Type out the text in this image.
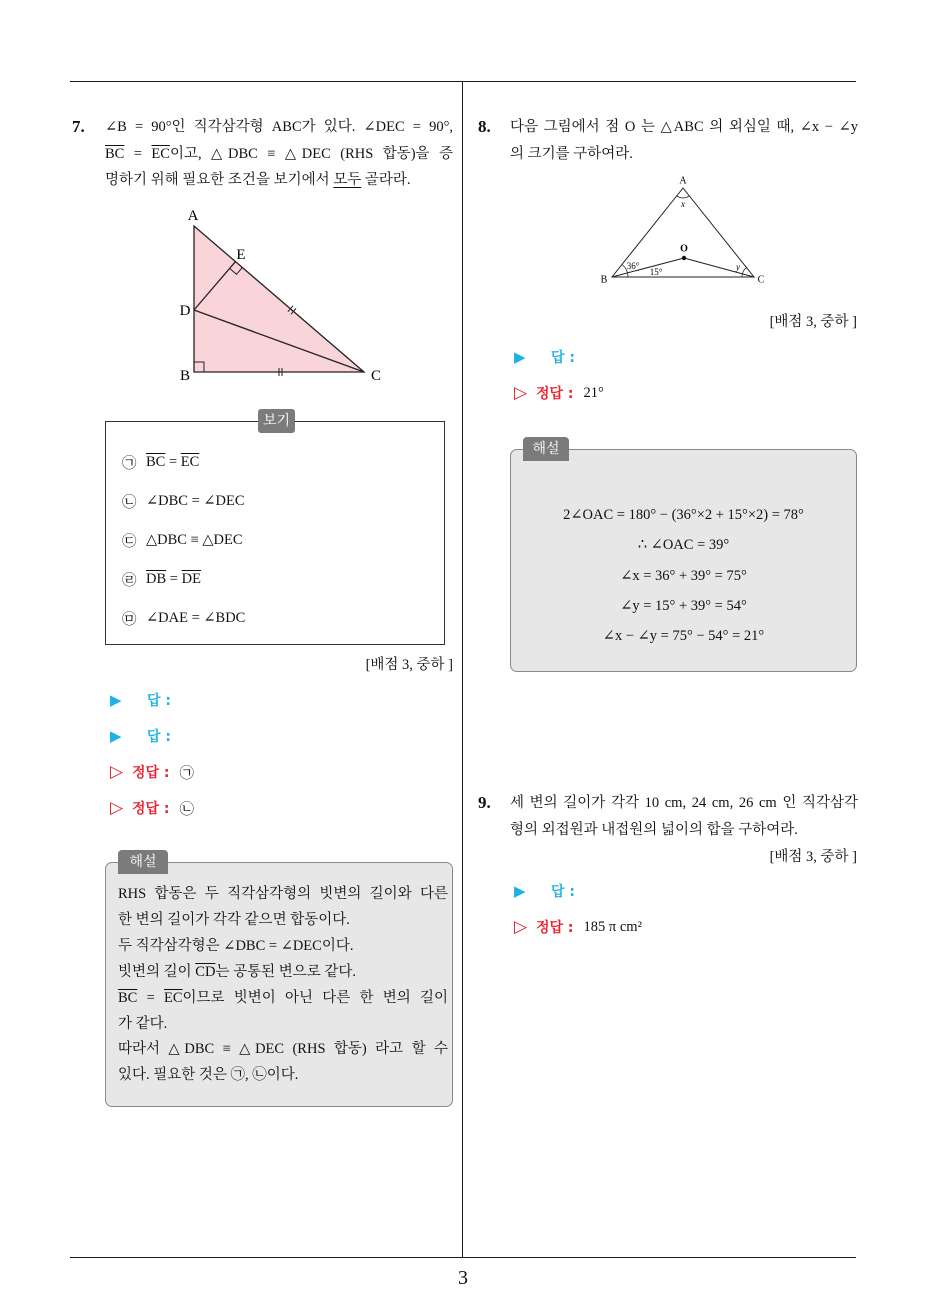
7. ∠B = 90°인 직각삼각형 ABC가 있다. ∠DEC = 90°,
$\overline{BC} = \overline{EC}$이고, △DBC ≡ △DEC (RHS 합동)을 증
명하기 위해 필요한 조건을 보기에서 모두 골라라.
A
E
D
B	C
보기
㉠ $\overline{BC} = \overline{EC}$
㉡ ∠DBC = ∠DEC
㉢ △DBC ≡ △DEC
㉣ $\overline{DB} = \overline{DE}$
㉤ ∠DAE = ∠BDC
[배점 3, 중하 ]
▶	답 :
▶	답 :
▷ 정답 : ㉠
▷ 정답 : ㉡
해설
RHS 합동은 두 직각삼각형의 빗변의 길이와 다른
한 변의 길이가 각각 같으면 합동이다.
두 직각삼각형은 ∠DBC = ∠DEC이다.
빗변의 길이 $\overline{CD}$는 공통된 변으로 같다.
$\overline{BC} = \overline{EC}$이므로 빗변이 아닌 다른 한 변의 길이
가 같다.
따라서 △DBC ≡ △DEC (RHS 합동) 라고 할 수
있다. 필요한 것은 ㉠, ㉡이다.
8. 다음 그림에서 점 O 는 △ABC 의 외심일 때, ∠x − ∠y
의 크기를 구하여라.
A
x
O
36°
15°	y
B	C
[배점 3, 중하 ]
▶	답 :
▷ 정답 : 21°
해설
2∠OAC = 180° − (36°×2 + 15°×2) = 78°
∴ ∠OAC = 39°
∠x = 36° + 39° = 75°
∠y = 15° + 39° = 54°
∠x − ∠y = 75° − 54° = 21°
9. 세 변의 길이가 각각 10 cm, 24 cm, 26 cm 인 직각삼각
형의 외접원과 내접원의 넓이의 합을 구하여라.
[배점 3, 중하 ]
▶	답 :
▷ 정답 : 185 π cm²
3
